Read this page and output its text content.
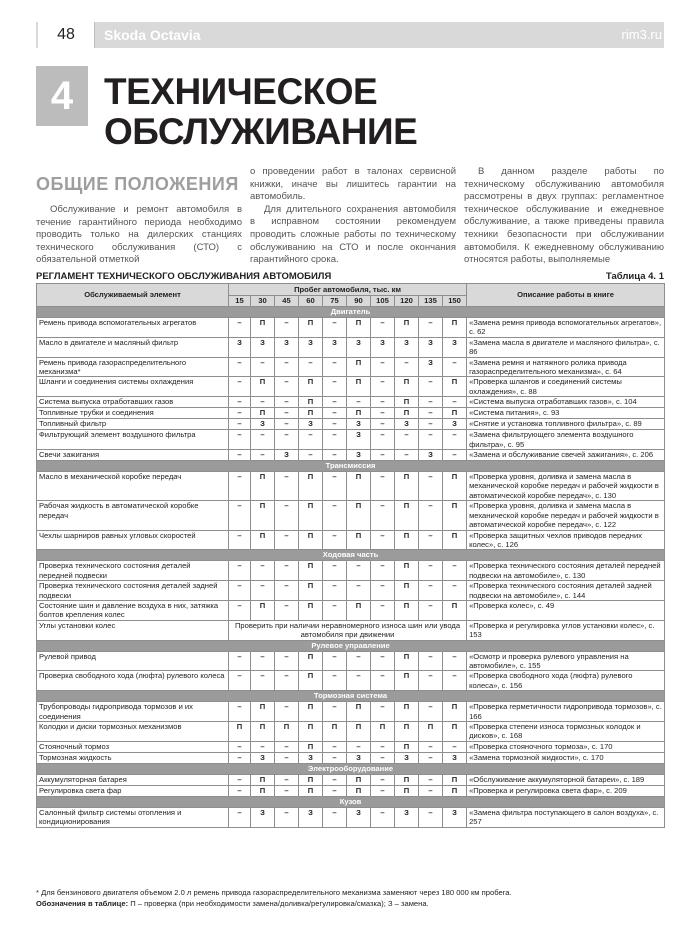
48	Skoda Octavia	rim3.ru
4 ТЕХНИЧЕСКОЕ
ОБСЛУЖИВАНИЕ
ОБЩИЕ ПОЛОЖЕНИЯ
Обслуживание и ремонт автомобиля в течение гарантийного периода необходимо проводить только на дилерских станциях технического обслуживания (СТО) с обязательной отметкой

о проведении работ в талонах сервисной книжки, иначе вы лишитесь гарантии на автомобиль.

Для длительного сохранения автомобиля в исправном состоянии рекомендуем проводить сложные работы по техническому обслуживанию на СТО и после окончания гарантийного срока.

В данном разделе работы по техническому обслуживанию автомобиля рассмотрены в двух группах: регламентное техническое обслуживание и ежедневное обслуживание, а также приведены правила техники безопасности при обслуживании автомобиля. К ежедневному обслуживанию относятся работы, выполняемые
РЕГЛАМЕНТ ТЕХНИЧЕСКОГО ОБСЛУЖИВАНИЯ АВТОМОБИЛЯ	Таблица 4. 1
Обслуживаемый элемент	Пробег автомобиля, тыс. км										Описание работы в книге
	15	30	45	60	75	90	105	120	135	150	
Двигатель											
Ремень привода вспомогательных агрегатов	–	П	–	П	–	П	–	П	–	П	«Замена ремня привода вспомогательных агрегатов», с. 62
Масло в двигателе и масляный фильтр	З	З	З	З	З	З	З	З	З	З	«Замена масла в двигателе и масляного фильтра», с. 86
Ремень привода газораспределительного механизма*	–	–	–	–	–	П	–	–	З	–	«Замена ремня и натяжного ролика привода газораспределительного механизма», с. 64
Шланги и соединения системы охлаждения	–	П	–	П	–	П	–	П	–	П	«Проверка шлангов и соединений системы охлаждения», с. 88
Система выпуска отработавших газов	–	–	–	П	–	–	–	П	–	–	«Система выпуска отработавших газов», с. 104
Топливные трубки и соединения	–	П	–	П	–	П	–	П	–	П	«Система питания», с. 93
Топливный фильтр	–	З	–	З	–	З	–	З	–	З	«Снятие и установка топливного фильтра», с. 89
Фильтрующий элемент воздушного фильтра	–	–	–	–	–	З	–	–	–	–	«Замена фильтрующего элемента воздушного фильтра», с. 95
Свечи зажигания	–	–	З	–	–	З	–	–	З	–	«Замена и обслуживание свечей зажигания», с. 206
Трансмиссия											
Масло в механической коробке передач	–	П	–	П	–	П	–	П	–	П	«Проверка уровня, доливка и замена масла в механической коробке передач и рабочей жидкости в автоматической коробке передач», с. 130
Рабочая жидкость в автоматической коробке передач	–	П	–	П	–	П	–	П	–	П	«Проверка уровня, доливка и замена масла в механической коробке передач и рабочей жидкости в автоматической коробке передач», с. 122
Чехлы шарниров равных угловых скоростей	–	П	–	П	–	П	–	П	–	П	«Проверка защитных чехлов приводов передних колес», с. 126
Ходовая часть											
Проверка технического состояния деталей передней подвески	–	–	–	П	–	–	–	П	–	–	«Проверка технического состояния деталей передней подвески на автомобиле», с. 130
Проверка технического состояния деталей задней подвески	–	–	–	П	–	–	–	П	–	–	«Проверка технического состояния деталей задней подвески на автомобиле», с. 144
Состояние шин и давление воздуха в них, затяжка болтов крепления колес	–	П	–	П	–	П	–	П	–	П	«Проверка колес», с. 49
Углы установки колес	Проверить при наличии неравномерного износа шин или увода автомобиля при движении										«Проверка и регулировка углов установки колес», с. 153
Рулевое управление											
Рулевой привод	–	–	–	П	–	–	–	П	–	–	«Осмотр и проверка рулевого управления на автомобиле», с. 155
Проверка свободного хода (люфта) рулевого колеса	–	–	–	П	–	–	–	П	–	–	«Проверка свободного хода (люфта) рулевого колеса», с. 156
Тормозная система											
Трубопроводы гидропривода тормозов и их соединения	–	П	–	П	–	П	–	П	–	П	«Проверка герметичности гидропривода тормозов», с. 166
Колодки и диски тормозных механизмов	П	П	П	П	П	П	П	П	П	П	«Проверка степени износа тормозных колодок и дисков», с. 168
Стояночный тормоз	–	–	–	П	–	–	–	П	–	–	«Проверка стояночного тормоза», с. 170
Тормозная жидкость	–	З	–	З	–	З	–	З	–	З	«Замена тормозной жидкости», с. 170
Электрооборудование											
Аккумуляторная батарея	–	П	–	П	–	П	–	П	–	П	«Обслуживание аккумуляторной батареи», с. 189
Регулировка света фар	–	П	–	П	–	П	–	П	–	П	«Проверка и регулировка света фар», с. 209
Кузов											
Салонный фильтр системы отопления и кондиционирования	–	З	–	З	–	З	–	З	–	З	«Замена фильтра поступающего в салон воздуха», с. 257
* Для бензинового двигателя объемом 2.0 л ремень привода газораспределительного механизма заменяют через 180 000 км пробега.
Обозначения в таблице: П – проверка (при необходимости замена/доливка/регулировка/смазка); З – замена.
